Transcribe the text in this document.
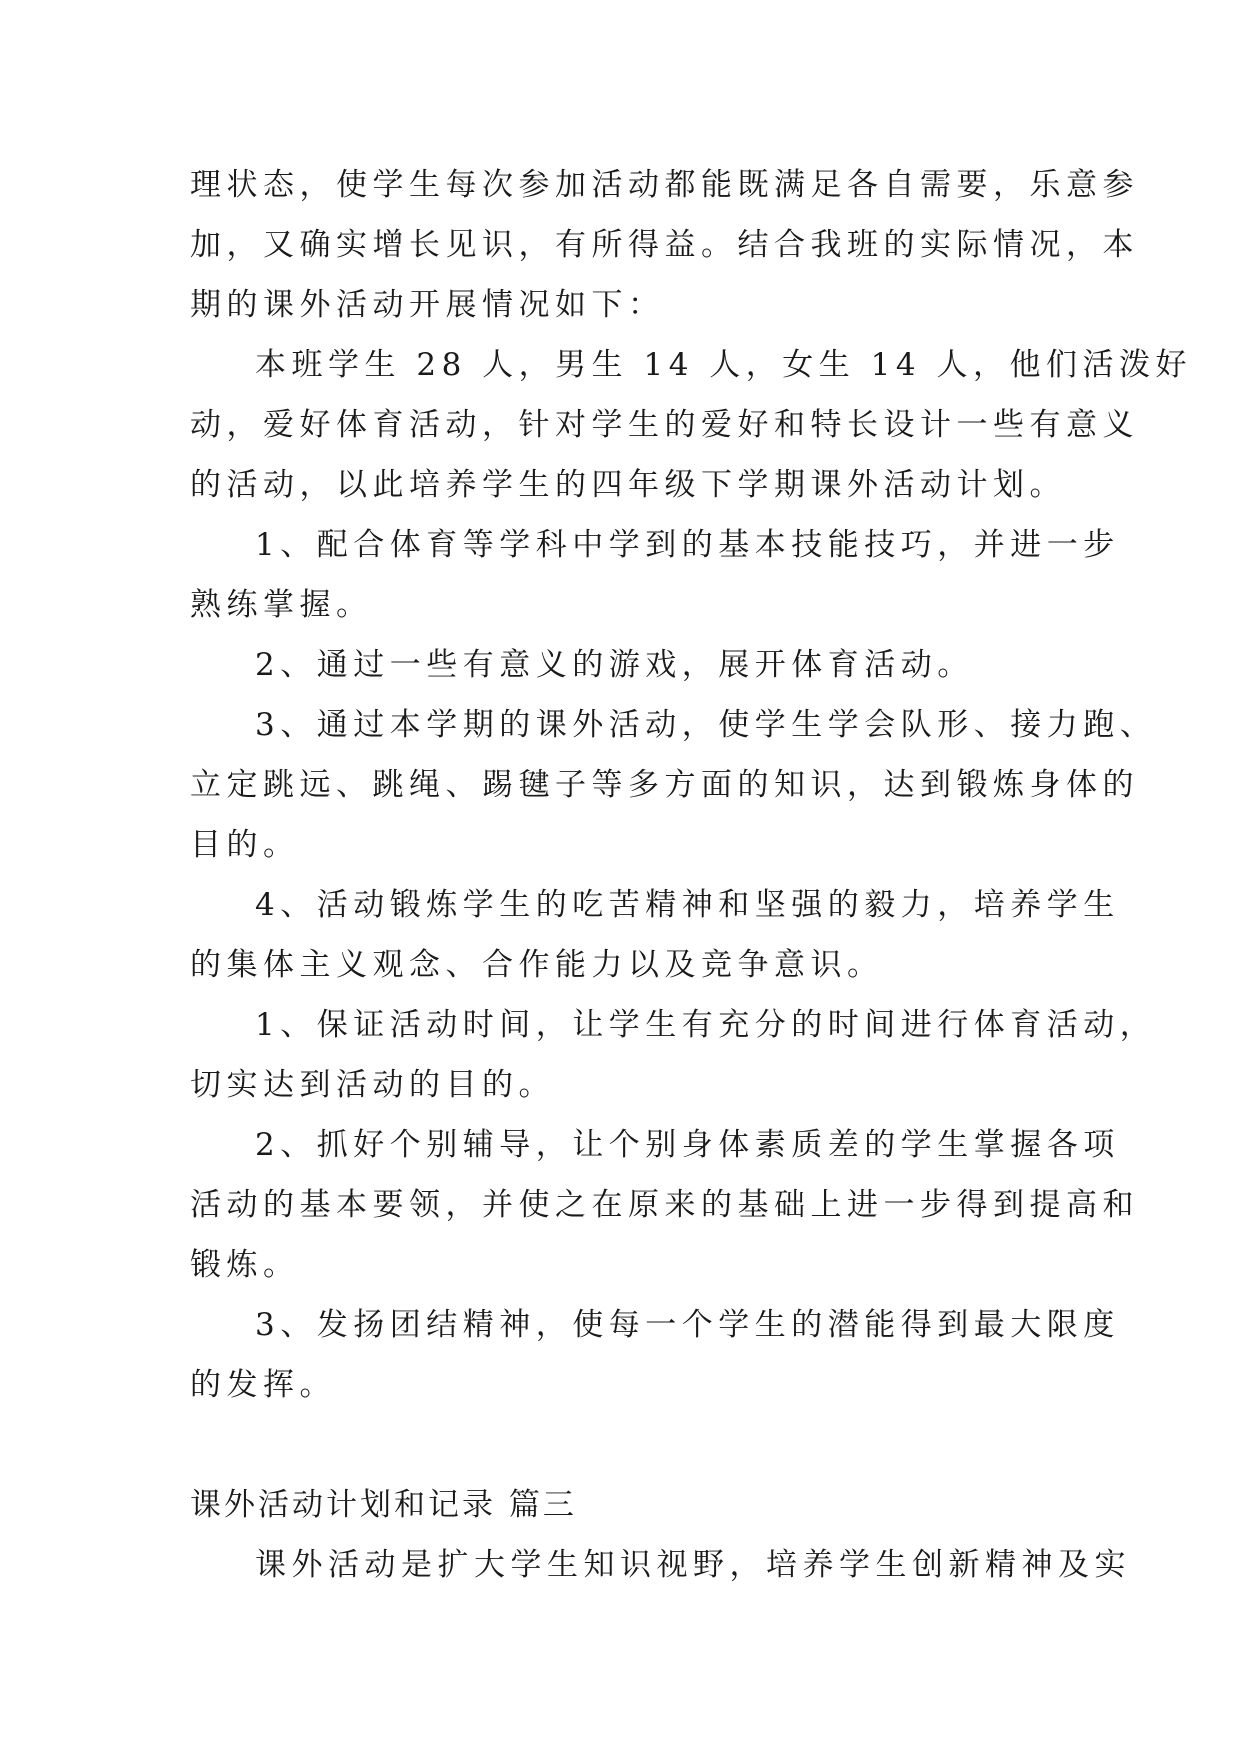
理状态，使学生每次参加活动都能既满足各自需要，乐意参
加，又确实增长见识，有所得益。结合我班的实际情况，本
期的课外活动开展情况如下：
本班学生 28 人，男生 14 人，女生 14 人，他们活泼好
动，爱好体育活动，针对学生的爱好和特长设计一些有意义
的活动，以此培养学生的四年级下学期课外活动计划。
1、配合体育等学科中学到的基本技能技巧，并进一步
熟练掌握。
2、通过一些有意义的游戏，展开体育活动。
3、通过本学期的课外活动，使学生学会队形、接力跑、
立定跳远、跳绳、踢毽子等多方面的知识，达到锻炼身体的
目的。
4、活动锻炼学生的吃苦精神和坚强的毅力，培养学生
的集体主义观念、合作能力以及竞争意识。
1、保证活动时间，让学生有充分的时间进行体育活动，
切实达到活动的目的。
2、抓好个别辅导，让个别身体素质差的学生掌握各项
活动的基本要领，并使之在原来的基础上进一步得到提高和
锻炼。
3、发扬团结精神，使每一个学生的潜能得到最大限度
的发挥。
课外活动计划和记录 篇三
课外活动是扩大学生知识视野，培养学生创新精神及实
